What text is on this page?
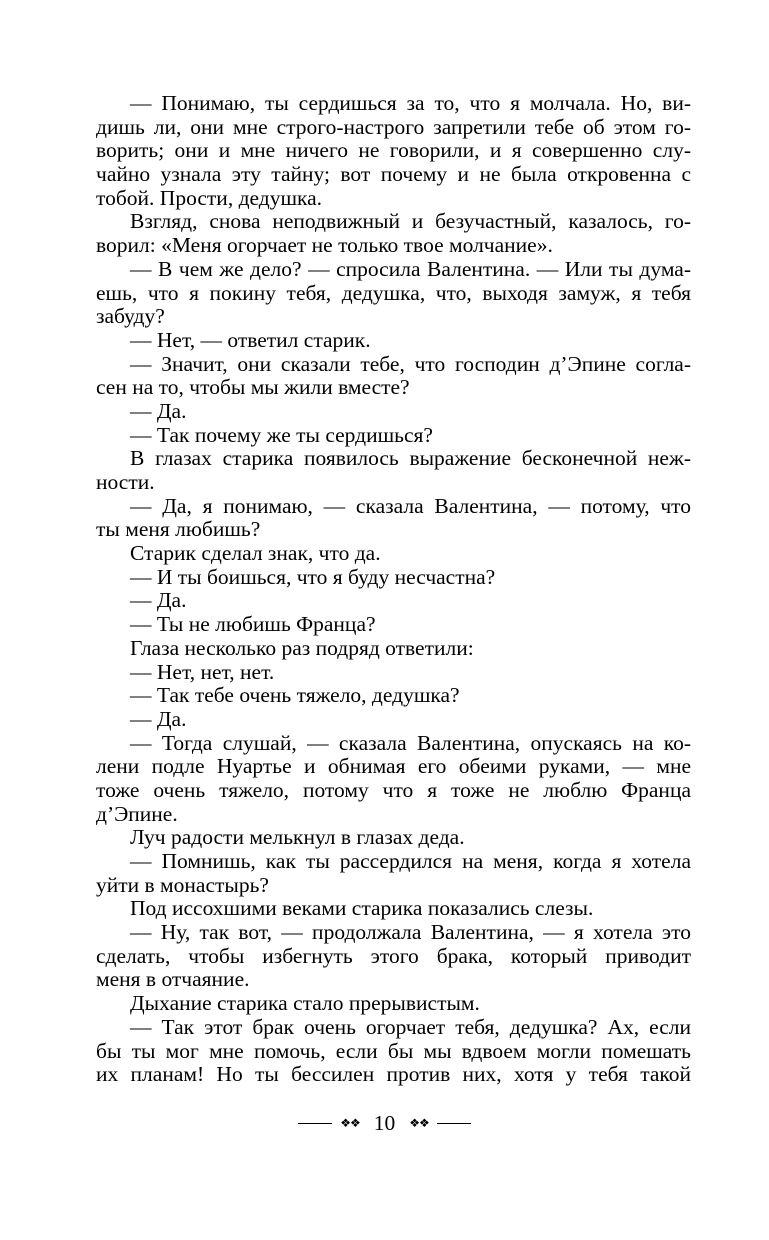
— Понимаю, ты сердишься за то, что я молчала. Но, ви-
дишь ли, они мне строго-настрого запретили тебе об этом го-
ворить; они и мне ничего не говорили, и я совершенно слу-
чайно узнала эту тайну; вот почему и не была откровенна с
тобой. Прости, дедушка.
Взгляд, снова неподвижный и безучастный, казалось, го-
ворил: «Меня огорчает не только твое молчание».
— В чем же дело? — спросила Валентина. — Или ты дума-
ешь, что я покину тебя, дедушка, что, выходя замуж, я тебя
забуду?
— Нет, — ответил старик.
— Значит, они сказали тебе, что господин д’Эпине согла-
сен на то, чтобы мы жили вместе?
— Да.
— Так почему же ты сердишься?
В глазах старика появилось выражение бесконечной неж-
ности.
— Да, я понимаю, — сказала Валентина, — потому, что
ты меня любишь?
Старик сделал знак, что да.
— И ты боишься, что я буду несчастна?
— Да.
— Ты не любишь Франца?
Глаза несколько раз подряд ответили:
— Нет, нет, нет.
— Так тебе очень тяжело, дедушка?
— Да.
— Тогда слушай, — сказала Валентина, опускаясь на ко-
лени подле Нуартье и обнимая его обеими руками, — мне
тоже очень тяжело, потому что я тоже не люблю Франца
д’Эпине.
Луч радости мелькнул в глазах деда.
— Помнишь, как ты рассердился на меня, когда я хотела
уйти в монастырь?
Под иссохшими веками старика показались слезы.
— Ну, так вот, — продолжала Валентина, — я хотела это
сделать, чтобы избегнуть этого брака, который приводит
меня в отчаяние.
Дыхание старика стало прерывистым.
— Так этот брак очень огорчает тебя, дедушка? Ах, если
бы ты мог мне помочь, если бы мы вдвоем могли помешать
их планам! Но ты бессилен против них, хотя у тебя такой
❖❖ 10 ❖❖
